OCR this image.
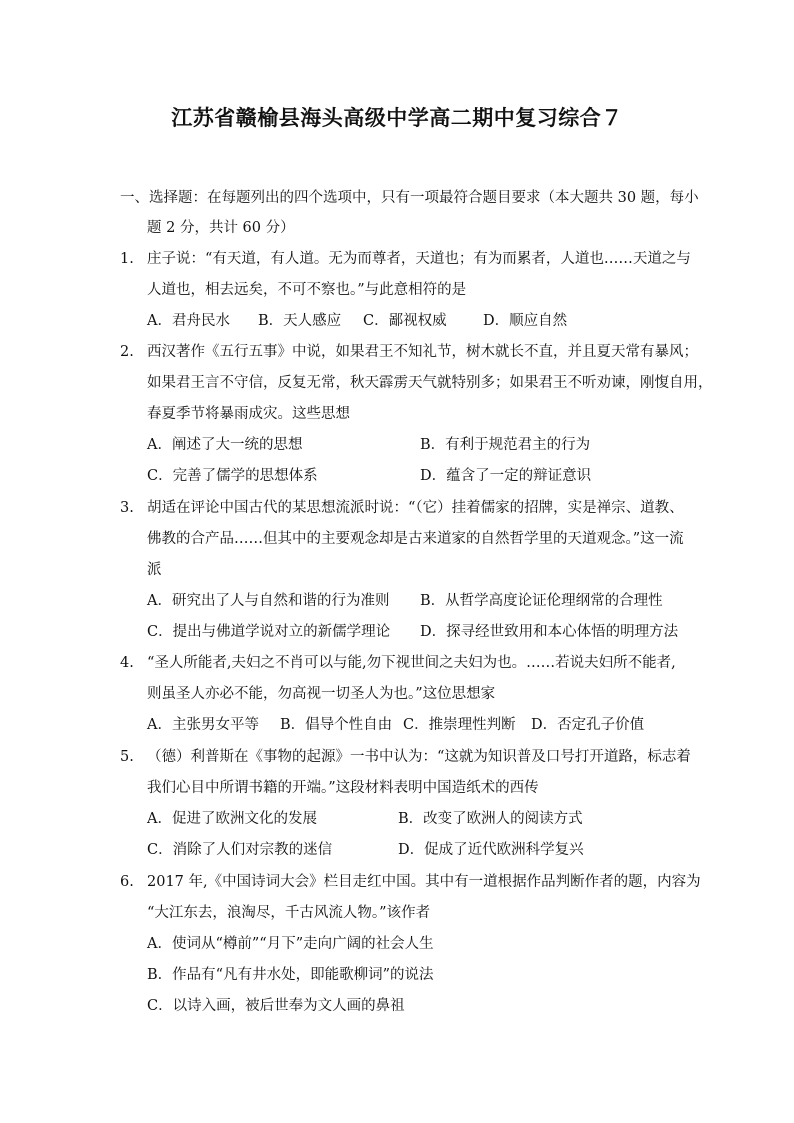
江苏省赣榆县海头高级中学高二期中复习综合７
一、选择题：在每题列出的四个选项中，只有一项最符合题目要求（本大题共 30 题，每小
题 2 分，共计 60 分）
1. 庄子说：“有天道，有人道。无为而尊者，天道也；有为而累者，人道也……天道之与
人道也，相去远矣，不可不察也。”与此意相符的是
A．君舟民水 B．天人感应 C．鄙视权威	D．顺应自然
2. 西汉著作《五行五事》中说，如果君王不知礼节，树木就长不直，并且夏天常有暴风；
如果君王言不守信，反复无常，秋天霹雳天气就特别多；如果君王不听劝谏，刚愎自用，
春夏季节将暴雨成灾。这些思想
A．阐述了大一统的思想	B．有利于规范君主的行为
C．完善了儒学的思想体系	D．蕴含了一定的辩证意识
3. 胡适在评论中国古代的某思想流派时说：“（它）挂着儒家的招牌，实是禅宗、道教、
佛教的合产品……但其中的主要观念却是古来道家的自然哲学里的天道观念。”这一流
派
A．研究出了人与自然和谐的行为准则 B．从哲学高度论证伦理纲常的合理性
C．提出与佛道学说对立的新儒学理论 D．探寻经世致用和本心体悟的明理方法
4. “圣人所能者,夫妇之不肖可以与能,勿下视世间之夫妇为也。……若说夫妇所不能者,
则虽圣人亦必不能，勿高视一切圣人为也。”这位思想家
A．主张男女平等 B．倡导个性自由 C．推崇理性判断 D．否定孔子价值
5. （德）利普斯在《事物的起源》一书中认为：“这就为知识普及口号打开道路，标志着
我们心目中所谓书籍的开端。”这段材料表明中国造纸术的西传
A．促进了欧洲文化的发展	B．改变了欧洲人的阅读方式
C．消除了人们对宗教的迷信	D．促成了近代欧洲科学复兴
6. 2017 年,《中国诗词大会》栏目走红中国。其中有一道根据作品判断作者的题，内容为
“大江东去，浪淘尽，千古风流人物。”该作者
A．使词从“樽前”“月下”走向广阔的社会人生
B．作品有“凡有井水处，即能歌柳词”的说法
C．以诗入画，被后世奉为文人画的鼻祖
